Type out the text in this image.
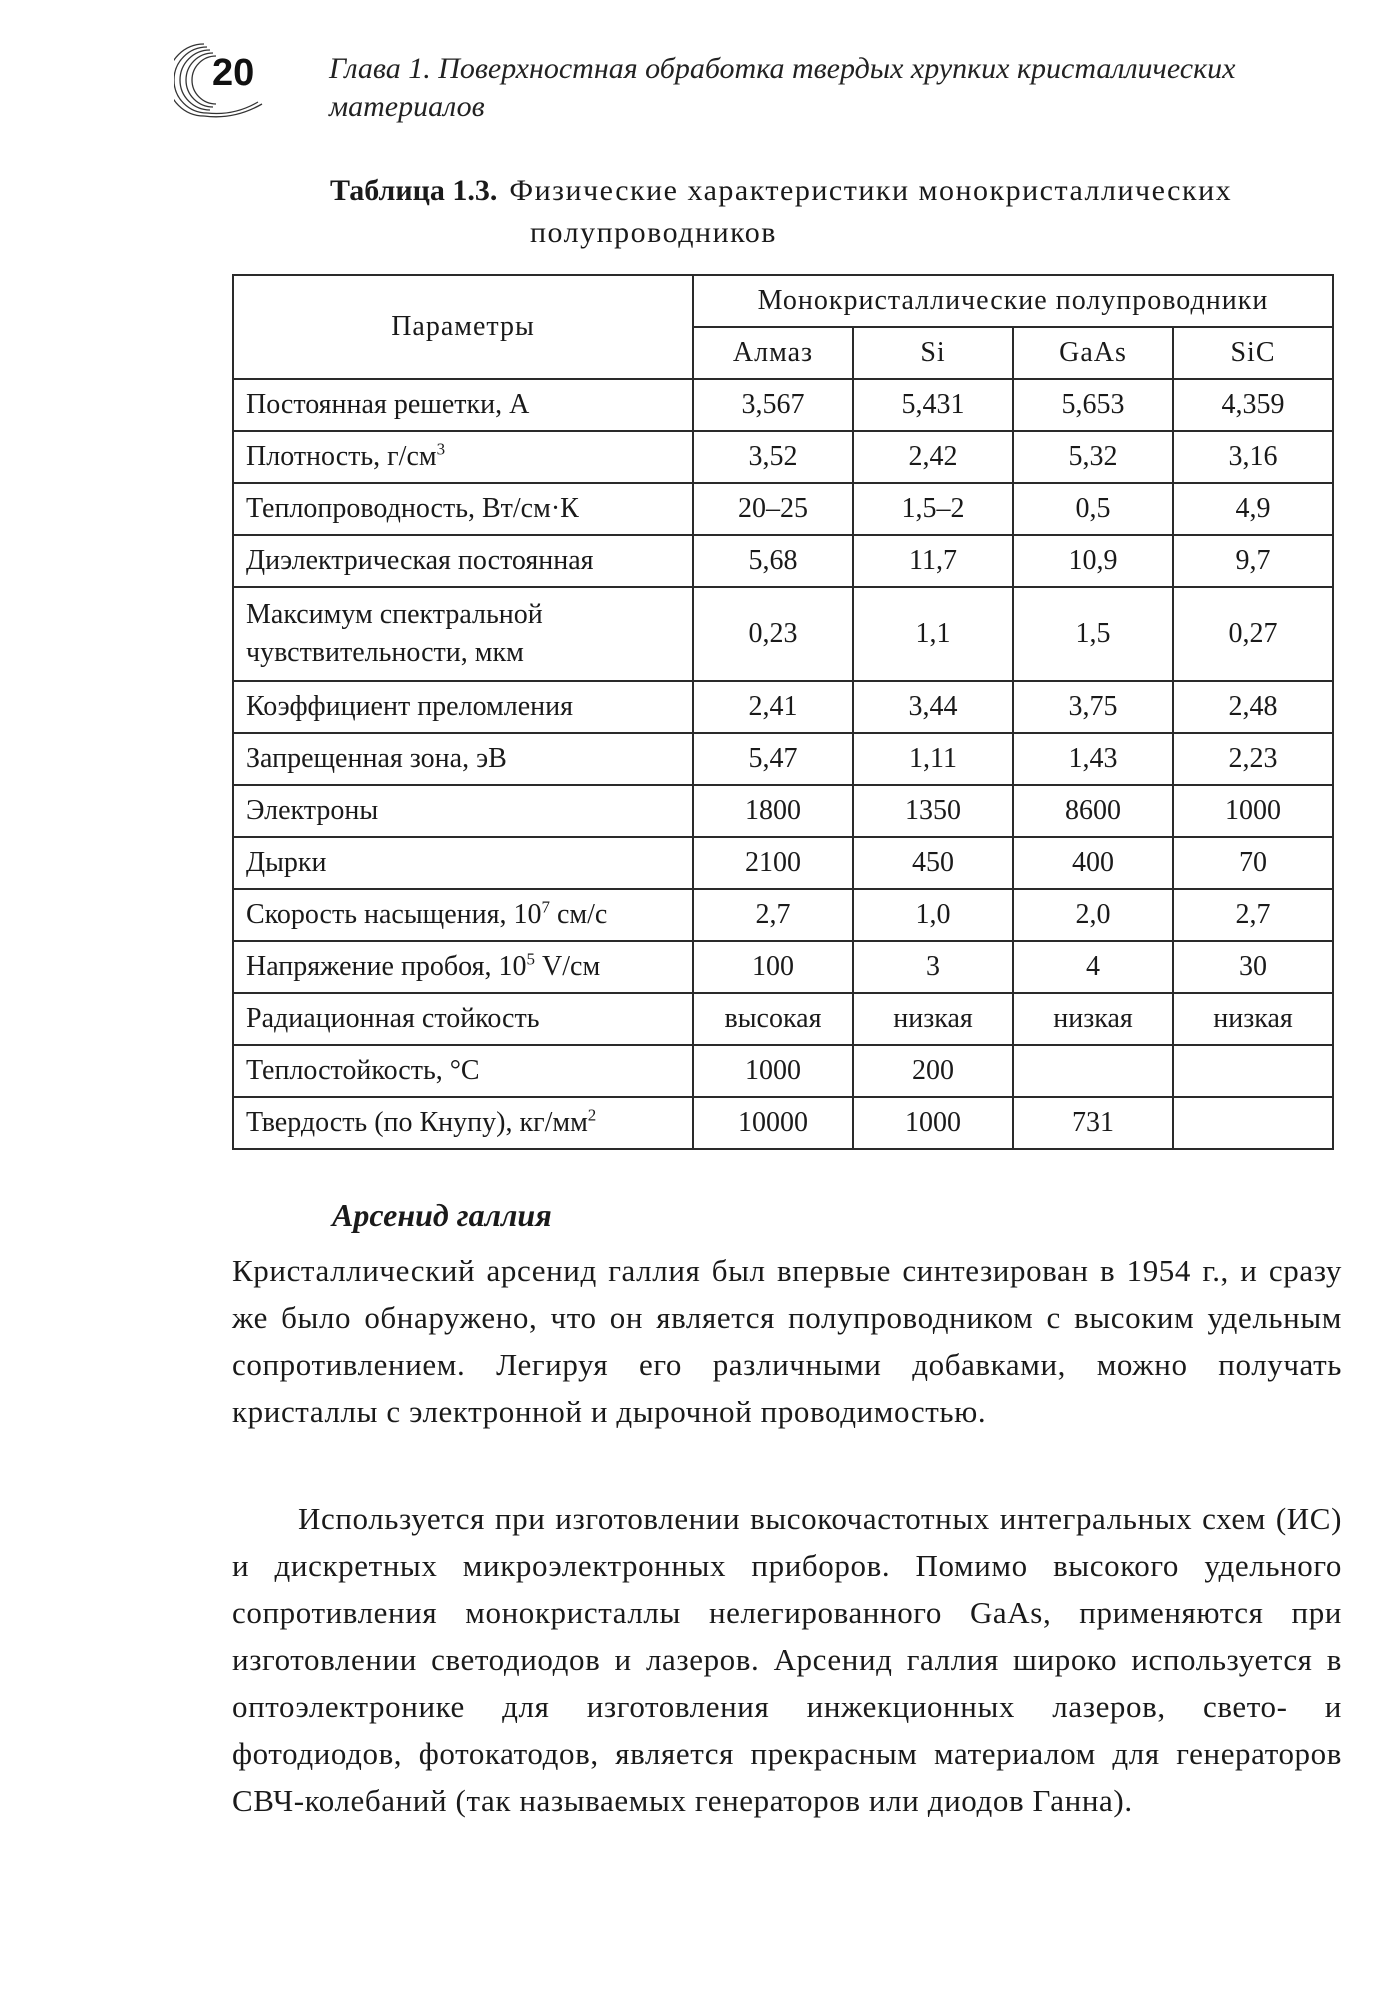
20 Глава 1. Поверхностная обработка твердых хрупких кристаллических материалов
Таблица 1.3. Физические характеристики монокристаллических
полупроводников
Параметры	Монокристаллические полупроводники			
	Алмаз	Si	GaAs	SiC
Постоянная решетки, A	3,567	5,431	5,653	4,359
Плотность, $г/см^3$	3,52	2,42	5,32	3,16
Теплопроводность, Вт/см·К	20–25	1,5–2	0,5	4,9
Диэлектрическая постоянная	5,68	11,7	10,9	9,7
Максимум спектральной чувствительности, мкм	0,23	1,1	1,5	0,27
Коэффициент преломления	2,41	3,44	3,75	2,48
Запрещенная зона, эВ	5,47	1,11	1,43	2,23
Электроны	1800	1350	8600	1000
Дырки	2100	450	400	70
Скорость насыщения, $10^7$ см/с	2,7	1,0	2,0	2,7
Напряжение пробоя, $10^5$ V/см	100	3	4	30
Радиационная стойкость	высокая	низкая	низкая	низкая
Теплостойкость, °С	1000	200		
Твердость (по Кнупу), $кг/мм^2$	10000	1000	731	
Арсенид галлия

Кристаллический арсенид галлия был впервые синтезирован в 1954 г., и сразу же было обнаружено, что он является полупроводником с высоким удельным сопротивлением. Легируя его различными добавками, можно получать кристаллы с электронной и дырочной проводимостью.

Используется при изготовлении высокочастотных интегральных схем (ИС) и дискретных микроэлектронных приборов. Помимо высокого удельного сопротивления монокристаллы нелегированного GaAs, применяются при изготовлении светодиодов и лазеров. Арсенид галлия широко используется в оптоэлектронике для изготовления инжекционных лазеров, свето- и фотодиодов, фотокатодов, является прекрасным материалом для генераторов СВЧ-колебаний (так называемых генераторов или диодов Ганна).
